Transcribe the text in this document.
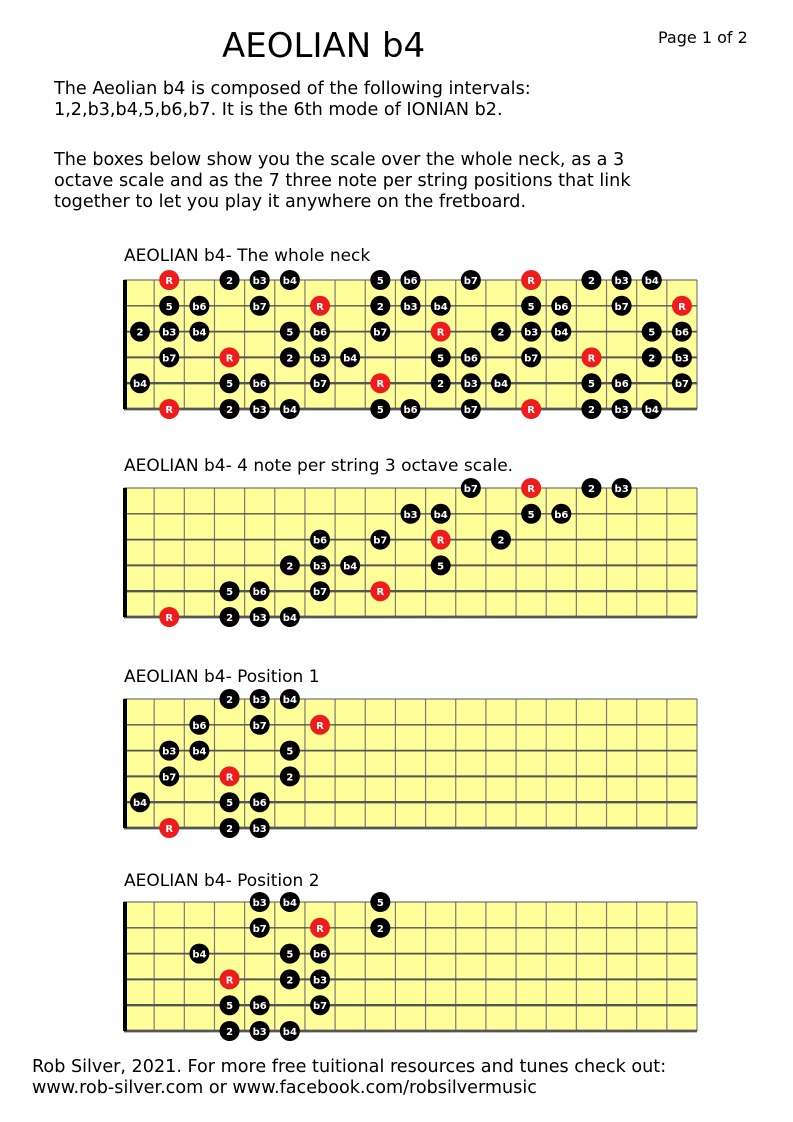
AEOLIAN b4	Page 1 of 2
The Aeolian b4 is composed of the following intervals:
1,2,b3,b4,5,b6,b7. It is the 6th mode of IONIAN b2.
The boxes below show you the scale over the whole neck, as a 3
octave scale and as the 7 three note per string positions that link
together to let you play it anywhere on the fretboard.
AEOLIAN b4- The whole neck
R	2 b3 b4	5 b6	b7	R	2 b3 b4
5 b6	b7	R	2 b3 b4	5 b6	b7	R
2 b3 b4	5 b6	b7	R	2 b3 b4	5 b6
b7	R	2 b3 b4	5 b6	b7	R	2 b3
b4	5 b6	b7	R	2 b3 b4	5 b6	b7
R	2 b3 b4	5 b6	b7	R	2 b3 b4
AEOLIAN b4- 4 note per string 3 octave scale.
b7	R	2 b3
b3 b4	5 b6
b6	b7	R	2
2 b3 b4	5
5 b6	b7	R
R	2 b3 b4
AEOLIAN b4- Position 1
2 b3 b4
b6	b7	R
b3 b4	5
b7	R	2
b4	5 b6
R	2 b3
AEOLIAN b4- Position 2
b3 b4	5
b7	R	2
b4	5 b6
R	2 b3
5 b6	b7
2 b3 b4
Rob Silver, 2021. For more free tuitional resources and tunes check out:
www.rob-silver.com or www.facebook.com/robsilvermusic
